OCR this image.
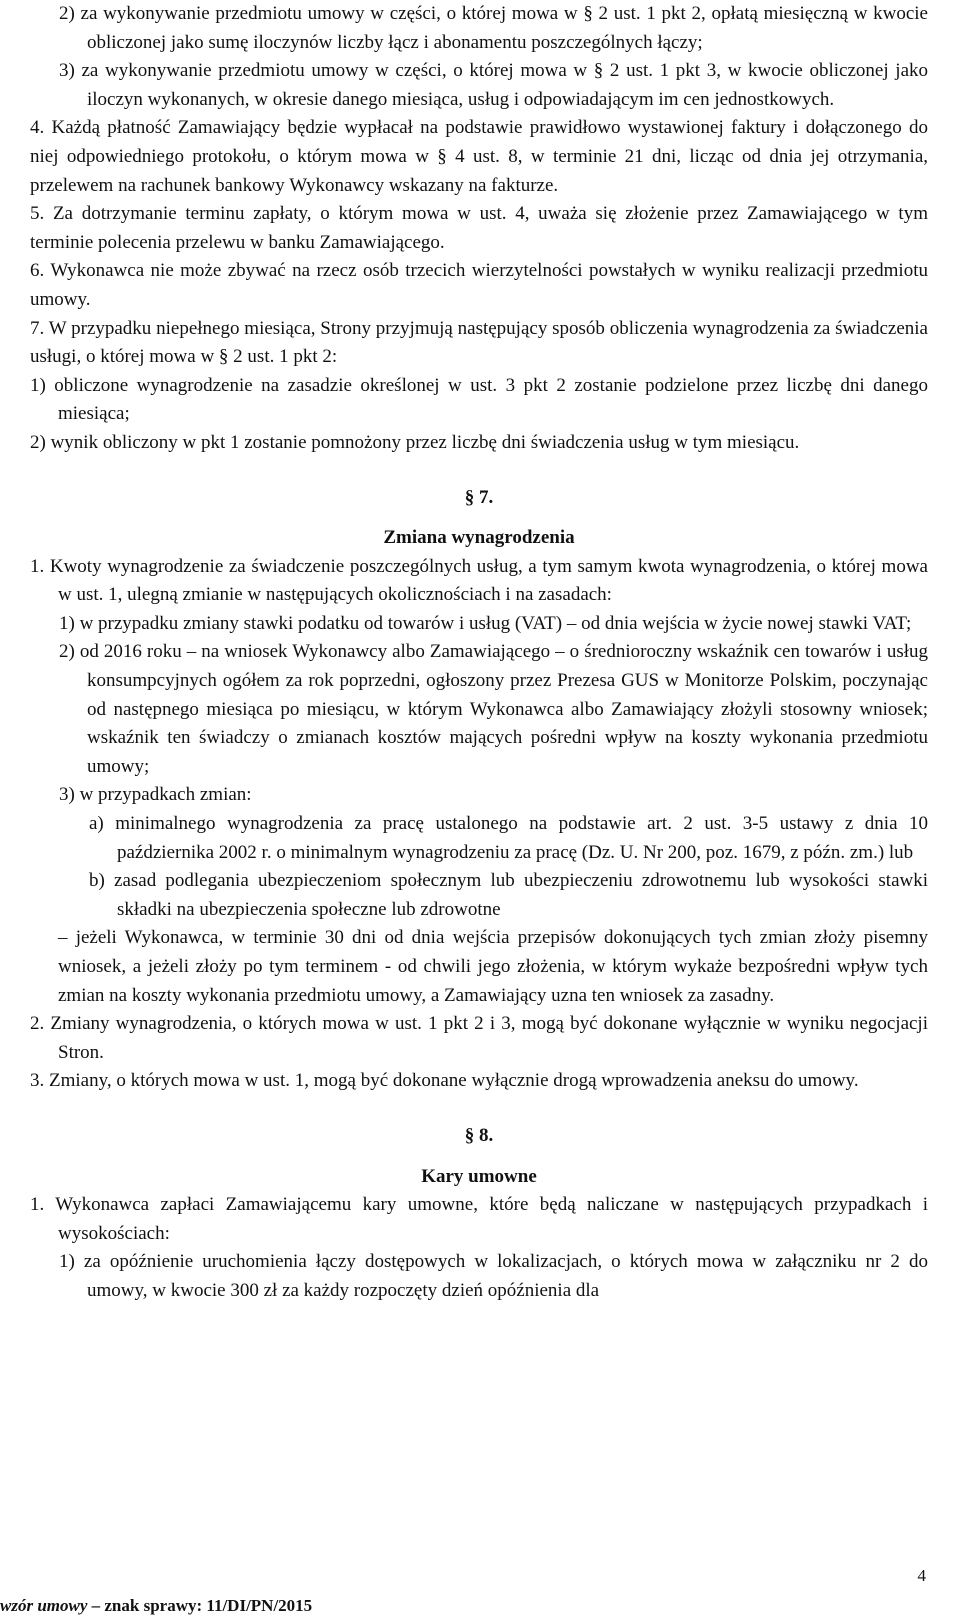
2) za wykonywanie przedmiotu umowy w części, o której mowa w § 2 ust. 1 pkt 2, opłatą miesięczną w kwocie obliczonej jako sumę iloczynów liczby łącz i abonamentu poszczególnych łączy;

3) za wykonywanie przedmiotu umowy w części, o której mowa w § 2 ust. 1 pkt 3, w kwocie obliczonej jako iloczyn wykonanych, w okresie danego miesiąca, usług i odpowiadającym im cen jednostkowych.

4. Każdą płatność Zamawiający będzie wypłacał na podstawie prawidłowo wystawionej faktury i dołączonego do niej odpowiedniego protokołu, o którym mowa w § 4 ust. 8, w terminie 21 dni, licząc od dnia jej otrzymania, przelewem na rachunek bankowy Wykonawcy wskazany na fakturze.

5. Za dotrzymanie terminu zapłaty, o którym mowa w ust. 4, uważa się złożenie przez Zamawiającego w tym terminie polecenia przelewu w banku Zamawiającego.

6. Wykonawca nie może zbywać na rzecz osób trzecich wierzytelności powstałych w wyniku realizacji przedmiotu umowy.

7. W przypadku niepełnego miesiąca, Strony przyjmują następujący sposób obliczenia wynagrodzenia za świadczenia usługi, o której mowa w § 2 ust. 1 pkt 2:

1) obliczone wynagrodzenie na zasadzie określonej w ust. 3 pkt 2 zostanie podzielone przez liczbę dni danego miesiąca;

2) wynik obliczony w pkt 1 zostanie pomnożony przez liczbę dni świadczenia usług w tym miesiącu.

§ 7.

Zmiana wynagrodzenia

1. Kwoty wynagrodzenie za świadczenie poszczególnych usług, a tym samym kwota wynagrodzenia, o której mowa w ust. 1, ulegną zmianie w następujących okolicznościach i na zasadach:

1) w przypadku zmiany stawki podatku od towarów i usług (VAT) – od dnia wejścia w życie nowej stawki VAT;

2) od 2016 roku – na wniosek Wykonawcy albo Zamawiającego – o średnioroczny wskaźnik cen towarów i usług konsumpcyjnych ogółem za rok poprzedni, ogłoszony przez Prezesa GUS w Monitorze Polskim, poczynając od następnego miesiąca po miesiącu, w którym Wykonawca albo Zamawiający złożyli stosowny wniosek; wskaźnik ten świadczy o zmianach kosztów mających pośredni wpływ na koszty wykonania przedmiotu umowy;

3) w przypadkach zmian:

a) minimalnego wynagrodzenia za pracę ustalonego na podstawie art. 2 ust. 3-5 ustawy z dnia 10 października 2002 r. o minimalnym wynagrodzeniu za pracę (Dz. U. Nr 200, poz. 1679, z późn. zm.) lub

b) zasad podlegania ubezpieczeniom społecznym lub ubezpieczeniu zdrowotnemu lub wysokości stawki składki na ubezpieczenia społeczne lub zdrowotne

– jeżeli Wykonawca, w terminie 30 dni od dnia wejścia przepisów dokonujących tych zmian złoży pisemny wniosek, a jeżeli złoży po tym terminem - od chwili jego złożenia, w którym wykaże bezpośredni wpływ tych zmian na koszty wykonania przedmiotu umowy, a Zamawiający uzna ten wniosek za zasadny.

2. Zmiany wynagrodzenia, o których mowa w ust. 1 pkt 2 i 3, mogą być dokonane wyłącznie w wyniku negocjacji Stron.

3. Zmiany, o których mowa w ust. 1, mogą być dokonane wyłącznie drogą wprowadzenia aneksu do umowy.

§ 8.

Kary umowne

1. Wykonawca zapłaci Zamawiającemu kary umowne, które będą naliczane w następujących przypadkach i wysokościach:

1) za opóźnienie uruchomienia łączy dostępowych w lokalizacjach, o których mowa w załączniku nr 2 do umowy, w kwocie 300 zł za każdy rozpoczęty dzień opóźnienia dla

4
wzór umowy – znak sprawy: 11/DI/PN/2015
